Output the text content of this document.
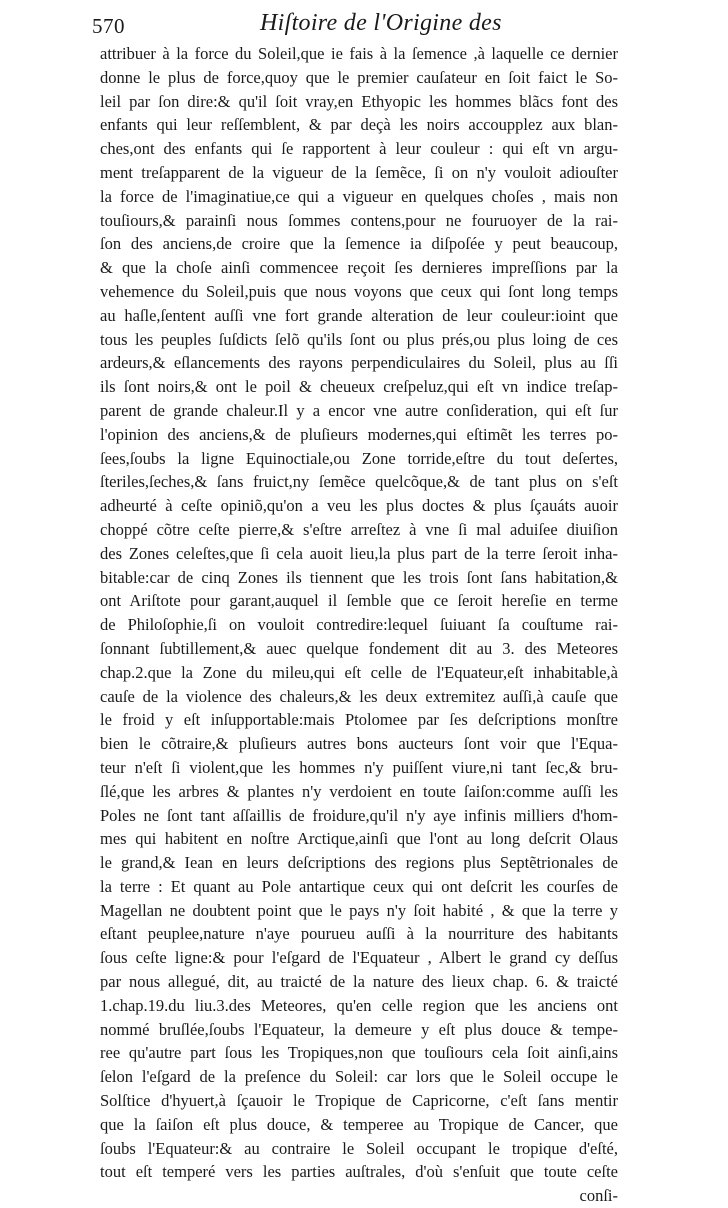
570	Hiſtoire de l'Origine des
attribuer à la force du Soleil,que ie fais à la ſemence ,à laquelle ce dernier
donne le plus de force,quoy que le premier cauſateur en ſoit faict le So-
leil par ſon dire:& qu'il ſoit vray,en Ethyopic les hommes blãcs font des
enfants qui leur reſſemblent, & par deçà les noirs accoupplez aux blan-
ches,ont des enfants qui ſe rapportent à leur couleur : qui eſt vn argu-
ment treſapparent de la vigueur de la ſemẽce, ſi on n'y vouloit adiouſter
la force de l'imaginatiue,ce qui a vigueur en quelques choſes , mais non
touſiours,& parainſi nous ſommes contens,pour ne fouruoyer de la rai-
ſon des anciens,de croire que la ſemence ia diſpoſée y peut beaucoup,
& que la choſe ainſi commencee reçoit ſes dernieres impreſſions par la
vehemence du Soleil,puis que nous voyons que ceux qui ſont long temps
au haſle,ſentent auſſi vne fort grande alteration de leur couleur:ioint que
tous les peuples ſuſdicts ſelõ qu'ils ſont ou plus prés,ou plus loing de ces
ardeurs,& eſlancements des rayons perpendiculaires du Soleil, plus au ſſi
ils ſont noirs,& ont le poil & cheueux creſpeluz,qui eſt vn indice treſap-
parent de grande chaleur.Il y a encor vne autre conſideration, qui eſt ſur
l'opinion des anciens,& de pluſieurs modernes,qui eſtimẽt les terres po-
ſees,ſoubs la ligne Equinoctiale,ou Zone torride,eſtre du tout deſertes,
ſteriles,ſeches,& ſans fruict,ny ſemẽce quelcõque,& de tant plus on s'eſt
adheurté à ceſte opiniõ,qu'on a veu les plus doctes & plus ſçauáts auoir
choppé cõtre ceſte pierre,& s'eſtre arreſtez à vne ſi mal aduiſee diuiſion
des Zones celeſtes,que ſi cela auoit lieu,la plus part de la terre ſeroit inha-
bitable:car de cinq Zones ils tiennent que les trois ſont ſans habitation,&
ont Ariſtote pour garant,auquel il ſemble que ce ſeroit hereſie en terme
de Philoſophie,ſi on vouloit contredire:lequel ſuiuant ſa couſtume rai-
ſonnant ſubtillement,& auec quelque fondement dit au 3. des Meteores
chap.2.que la Zone du mileu,qui eſt celle de l'Equateur,eſt inhabitable,à
cauſe de la violence des chaleurs,& les deux extremitez auſſi,à cauſe que
le froid y eſt inſupportable:mais Ptolomee par ſes deſcriptions monſtre
bien le cõtraire,& pluſieurs autres bons aucteurs ſont voir que l'Equa-
teur n'eſt ſi violent,que les hommes n'y puiſſent viure,ni tant ſec,& bru-
ſlé,que les arbres & plantes n'y verdoient en toute ſaiſon:comme auſſi les
Poles ne ſont tant aſſaillis de froidure,qu'il n'y aye infinis milliers d'hom-
mes qui habitent en noſtre Arctique,ainſi que l'ont au long deſcrit Olaus
le grand,& Iean en leurs deſcriptions des regions plus Septẽtrionales de
la terre : Et quant au Pole antartique ceux qui ont deſcrit les courſes de
Magellan ne doubtent point que le pays n'y ſoit habité , & que la terre y
eſtant peuplee,nature n'aye pourueu auſſi à la nourriture des habitants
ſous ceſte ligne:& pour l'eſgard de l'Equateur , Albert le grand cy deſſus
par nous allegué, dit, au traicté de la nature des lieux chap. 6. & traicté
1.chap.19.du liu.3.des Meteores, qu'en celle region que les anciens ont
nommé bruſlée,ſoubs l'Equateur, la demeure y eſt plus douce & tempe-
ree qu'autre part ſous les Tropiques,non que touſiours cela ſoit ainſi,ains
ſelon l'eſgard de la preſence du Soleil: car lors que le Soleil occupe le
Solſtice d'hyuert,à ſçauoir le Tropique de Capricorne, c'eſt ſans mentir
que la ſaiſon eſt plus douce, & temperee au Tropique de Cancer, que
ſoubs l'Equateur:& au contraire le Soleil occupant le tropique d'eſté,
tout eſt temperé vers les parties auſtrales, d'où s'enſuit que toute ceſte
conſi-
